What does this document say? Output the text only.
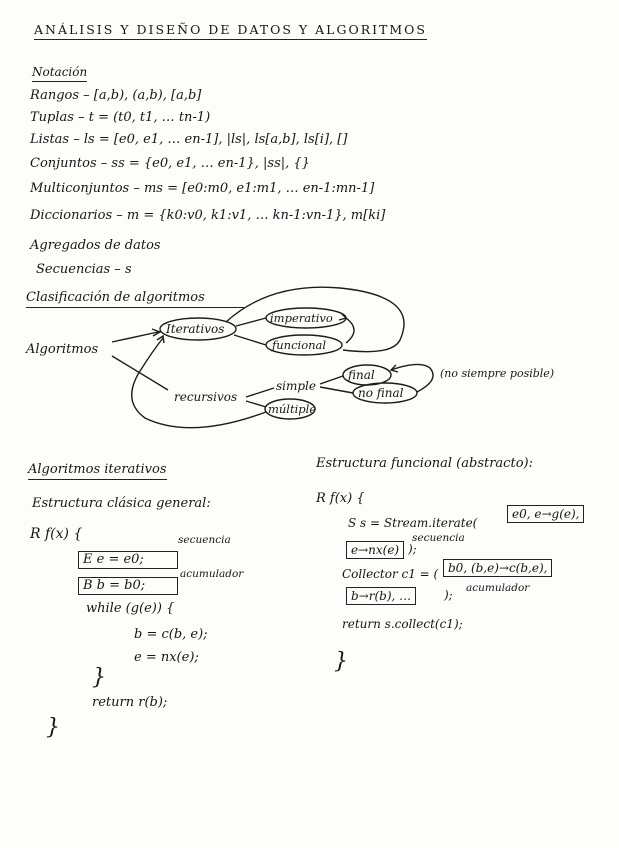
ANÁLISIS Y DISEÑO DE DATOS Y ALGORITMOS
Notación
Rangos – [a,b), (a,b), [a,b]
Tuplas – t = (t0, t1, … tn-1)
Listas – ls = [e0, e1, … en-1], |ls|, ls[a,b], ls[i], []
Conjuntos – ss = {e0, e1, … en-1}, |ss|, {}
Multiconjuntos – ms = [e0:m0, e1:m1, … en-1:mn-1]
Diccionarios – m = {k0:v0, k1:v1, … kn-1:vn-1}, m[ki]
Agregados de datos
Secuencias – s
Clasificación de algoritmos
Algoritmos
Iterativos
imperativo
funcional
recursivos
simple
múltiple
final
no final
(no siempre posible)
Algoritmos iterativos
Estructura clásica general:
R f(x) {	secuencia
E e = e0;
acumulador
B b = b0;
while (g(e)) {
b = c(b, e);
e = nx(e);
}
return r(b);
}
Estructura funcional (abstracto):
R f(x) {
S s = Stream.iterate(
e0, e→g(e),
secuencia
e→nx(e) );
Collector c1 = ( b0, (b,e)→c(b,e),
b→r(b), …	); acumulador
return s.collect(c1);
}
